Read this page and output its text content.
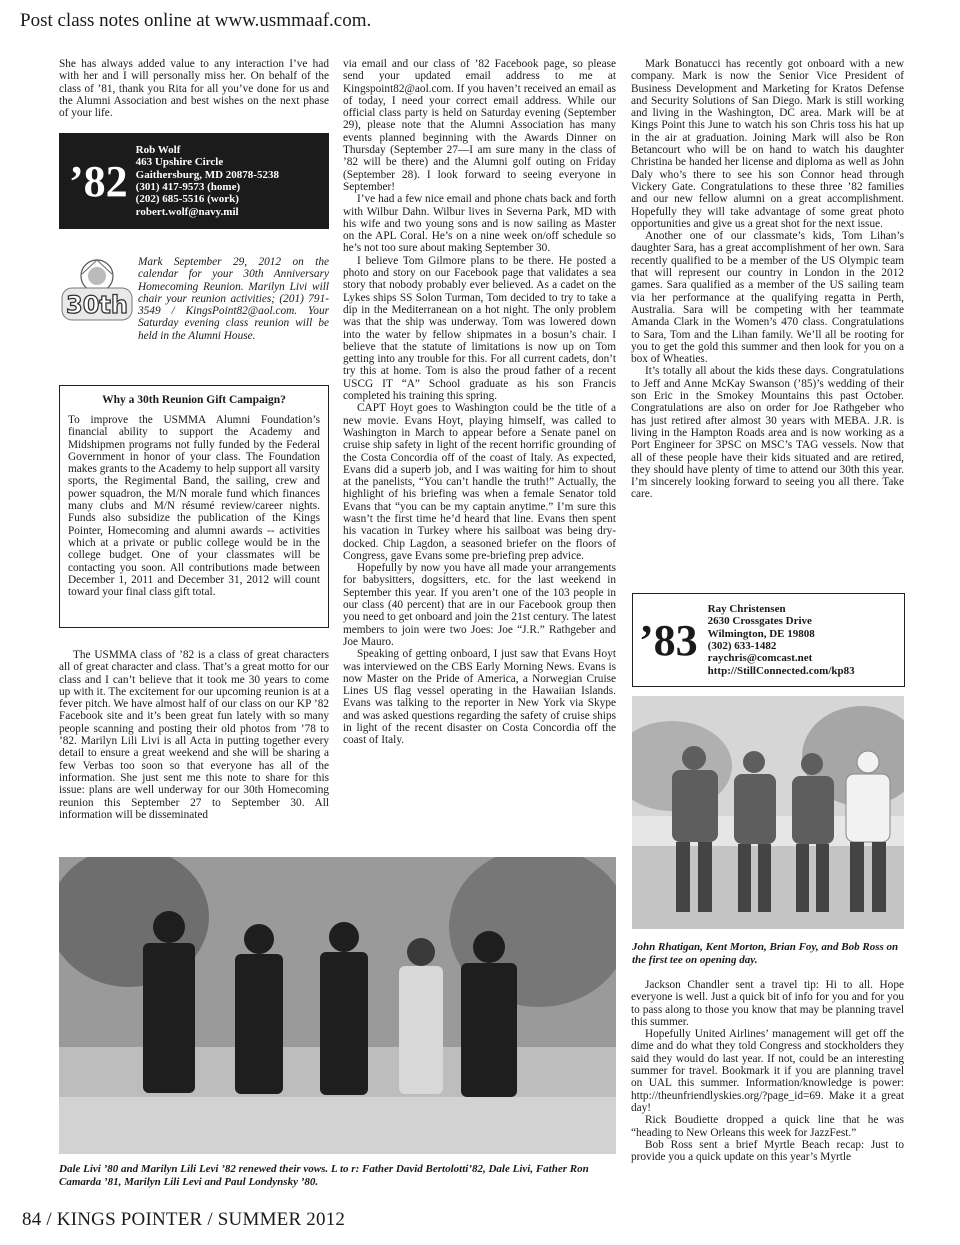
Post class notes online at www.usmmaaf.com.

She has always added value to any interaction I’ve had with her and I will personally miss her. On behalf of the class of ’81, thank you Rita for all you’ve done for us and the Alumni Association and best wishes on the next phase of your life.

’82
Rob Wolf
463 Upshire Circle
Gaithersburg, MD 20878-5238
(301) 417-9573 (home)
(202) 685-5516 (work)
robert.wolf@navy.mil
30th
Mark September 29, 2012 on the calendar for your 30th Anniversary Homecoming Reunion. Marilyn Livi will chair your reunion activities; (201) 791-3549 / KingsPoint82@aol.com. Your Saturday evening class reunion will be held in the Alumni House.
Why a 30th Reunion Gift Campaign?
To improve the USMMA Alumni Foundation’s financial ability to support the Academy and Midshipmen programs not fully funded by the Federal Government in honor of your class. The Foundation makes grants to the Academy to help support all varsity sports, the Regimental Band, the sailing, crew and power squadron, the M/N morale fund which finances many clubs and M/N résumé review/career nights. Funds also subsidize the publication of the Kings Pointer, Homecoming and alumni awards -- activities which at a private or public college would be in the college budget. One of your classmates will be contacting you soon. All contributions made between December 1, 2011 and December 31, 2012 will count toward your final class gift total.

The USMMA class of ’82 is a class of great characters all of great character and class. That’s a great motto for our class and I can’t believe that it took me 30 years to come up with it. The excitement for our upcoming reunion is at a fever pitch. We have almost half of our class on our KP ’82 Facebook site and it’s been great fun lately with so many people scanning and posting their old photos from ’78 to ’82. Marilyn Lili Livi is all Acta in putting together every detail to ensure a great weekend and she will be sharing a few Verbas too soon so that everyone has all of the information. She just sent me this note to share for this issue: plans are well underway for our 30th Homecoming reunion this September 27 to September 30. All information will be disseminated

via email and our class of ’82 Facebook page, so please send your updated email address to me at Kingspoint82@aol.com. If you haven’t received an email as of today, I need your correct email address. While our official class party is held on Saturday evening (September 29), please note that the Alumni Association has many events planned beginning with the Awards Dinner on Thursday (September 27—I am sure many in the class of ’82 will be there) and the Alumni golf outing on Friday (September 28). I look forward to seeing everyone in September!

I’ve had a few nice email and phone chats back and forth with Wilbur Dahn. Wilbur lives in Severna Park, MD with his wife and two young sons and is now sailing as Master on the APL Coral. He’s on a nine week on/off schedule so he’s not too sure about making September 30.

I believe Tom Gilmore plans to be there. He posted a photo and story on our Facebook page that validates a sea story that nobody probably ever believed. As a cadet on the Lykes ships SS Solon Turman, Tom decided to try to take a dip in the Mediterranean on a hot night. The only problem was that the ship was underway. Tom was lowered down into the water by fellow shipmates in a bosun’s chair. I believe that the statute of limitations is now up on Tom getting into any trouble for this. For all current cadets, don’t try this at home. Tom is also the proud father of a recent USCG IT “A” School graduate as his son Francis completed his training this spring.

CAPT Hoyt goes to Washington could be the title of a new movie. Evans Hoyt, playing himself, was called to Washington in March to appear before a Senate panel on cruise ship safety in light of the recent horrific grounding of the Costa Concordia off of the coast of Italy. As expected, Evans did a superb job, and I was waiting for him to shout at the panelists, “You can’t handle the truth!” Actually, the highlight of his briefing was when a female Senator told Evans that “you can be my captain anytime.” I’m sure this wasn’t the first time he’d heard that line. Evans then spent his vacation in Turkey where his sailboat was being dry-docked. Chip Lagdon, a seasoned briefer on the floors of Congress, gave Evans some pre-briefing prep advice.

Hopefully by now you have all made your arrangements for babysitters, dogsitters, etc. for the last weekend in September this year. If you aren’t one of the 103 people in our class (40 percent) that are in our Facebook group then you need to get onboard and join the 21st century. The latest members to join were two Joes: Joe “J.R.” Rathgeber and Joe Mauro.

Speaking of getting onboard, I just saw that Evans Hoyt was interviewed on the CBS Early Morning News. Evans is now Master on the Pride of America, a Norwegian Cruise Lines US flag vessel operating in the Hawaiian Islands. Evans was talking to the reporter in New York via Skype and was asked questions regarding the safety of cruise ships in light of the recent disaster on Costa Concordia off the coast of Italy.

Mark Bonatucci has recently got onboard with a new company. Mark is now the Senior Vice President of Business Development and Marketing for Kratos Defense and Security Solutions of San Diego. Mark is still working and living in the Washington, DC area. Mark will be at Kings Point this June to watch his son Chris toss his hat up in the air at graduation. Joining Mark will also be Ron Betancourt who will be on hand to watch his daughter Christina be handed her license and diploma as well as John Daly who’s there to see his son Connor head through Vickery Gate. Congratulations to these three ’82 families and our new fellow alumni on a great accomplishment. Hopefully they will take advantage of some great photo opportunities and give us a great shot for the next issue.

Another one of our classmate’s kids, Tom Lihan’s daughter Sara, has a great accomplishment of her own. Sara recently qualified to be a member of the US Olympic team that will represent our country in London in the 2012 games. Sara qualified as a member of the US sailing team via her performance at the qualifying regatta in Perth, Australia. Sara will be competing with her teammate Amanda Clark in the Women’s 470 class. Congratulations to Sara, Tom and the Lihan family. We’ll all be rooting for you to get the gold this summer and then look for you on a box of Wheaties.

It’s totally all about the kids these days. Congratulations to Jeff and Anne McKay Swanson (’85)’s wedding of their son Eric in the Smokey Mountains this past October. Congratulations are also on order for Joe Rathgeber who has just retired after almost 30 years with MEBA. J.R. is living in the Hampton Roads area and is now working as a Port Engineer for 3PSC on MSC’s TAG vessels. Now that all of these people have their kids situated and are retired, they should have plenty of time to attend our 30th this year. I’m sincerely looking forward to seeing you all there. Take care.

’83
Ray Christensen
2630 Crossgates Drive
Wilmington, DE 19808
(302) 633-1482
raychris@comcast.net
http://StillConnected.com/kp83
John Rhatigan, Kent Morton, Brian Foy, and Bob Ross on the first tee on opening day.

Jackson Chandler sent a travel tip: Hi to all. Hope everyone is well. Just a quick bit of info for you and for you to pass along to those you know that may be planning travel this summer.

Hopefully United Airlines’ management will get off the dime and do what they told Congress and stockholders they said they would do last year. If not, could be an interesting summer for travel. Bookmark it if you are planning travel on UAL this summer. Information/knowledge is power: http://theunfriendlyskies.org/?page_id=69. Make it a great day!

Rick Boudiette dropped a quick line that he was “heading to New Orleans this week for JazzFest.”

Bob Ross sent a brief Myrtle Beach recap: Just to provide you a quick update on this year’s Myrtle

Dale Livi ’80 and Marilyn Lili Levi ’82 renewed their vows. L to r: Father David Bertolotti’82, Dale Livi, Father Ron Camarda ’81, Marilyn Lili Levi and Paul Londynsky ’80.
84 / KINGS POINTER / SUMMER 2012
